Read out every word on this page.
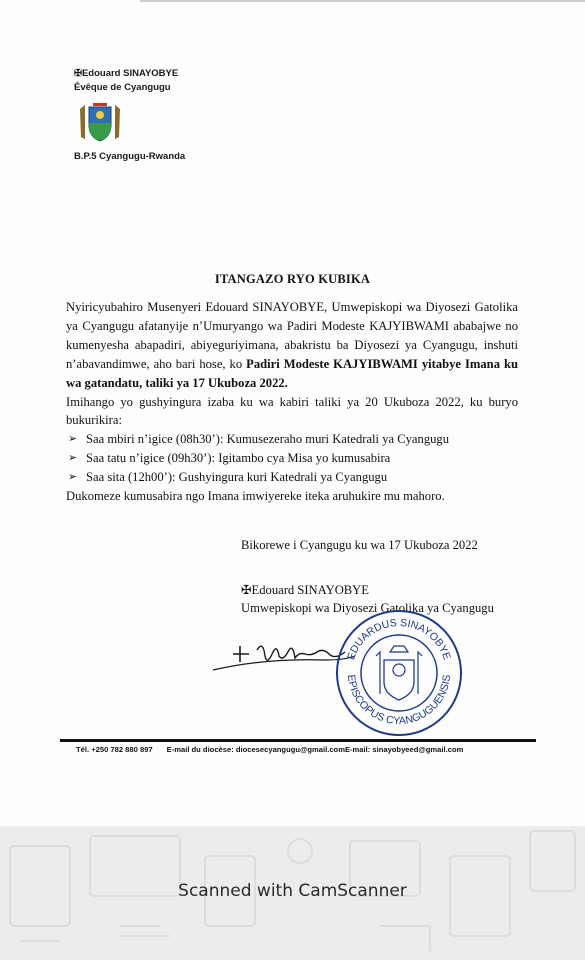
✠Edouard SINAYOBYE
Évêque de Cyangugu
B.P.5 Cyangugu-Rwanda
ITANGAZO RYO KUBIKA

Nyiricyubahiro Musenyeri Edouard SINAYOBYE, Umwepiskopi wa Diyosezi Gatolika ya Cyangugu afatanyije n’Umuryango wa Padiri Modeste KAJYIBWAMI ababajwe no kumenyesha abapadiri, abiyeguriyimana, abakristu ba Diyosezi ya Cyangugu, inshuti n’abavandimwe, aho bari hose, ko Padiri Modeste KAJYIBWAMI yitabye Imana ku wa gatandatu, taliki ya 17 Ukuboza 2022.

Imihango yo gushyingura izaba ku wa kabiri taliki ya 20 Ukuboza 2022, ku buryo bukurikira:

➢ Saa mbiri n’igice (08h30’): Kumusezeraho muri Katedrali ya Cyangugu
➢ Saa tatu n’igice (09h30’): Igitambo cya Misa yo kumusabira
➢ Saa sita (12h00’): Gushyingura kuri Katedrali ya Cyangugu

Dukomeze kumusabira ngo Imana imwiyereke iteka aruhukire mu mahoro.

Bikorewe i Cyangugu ku wa 17 Ukuboza 2022
✠Edouard SINAYOBYE
Umwepiskopi wa Diyosezi Gatolika ya Cyangugu
EDUARDUS SINAYOBYE
EPISCOPUS CYANGUGUENSIS
Tél. +250 782 880 897 E-mail du diocèse: diocesecyangugu@gmail.comE-mail: sinayobyeed@gmail.com
Scanned with CamScanner
